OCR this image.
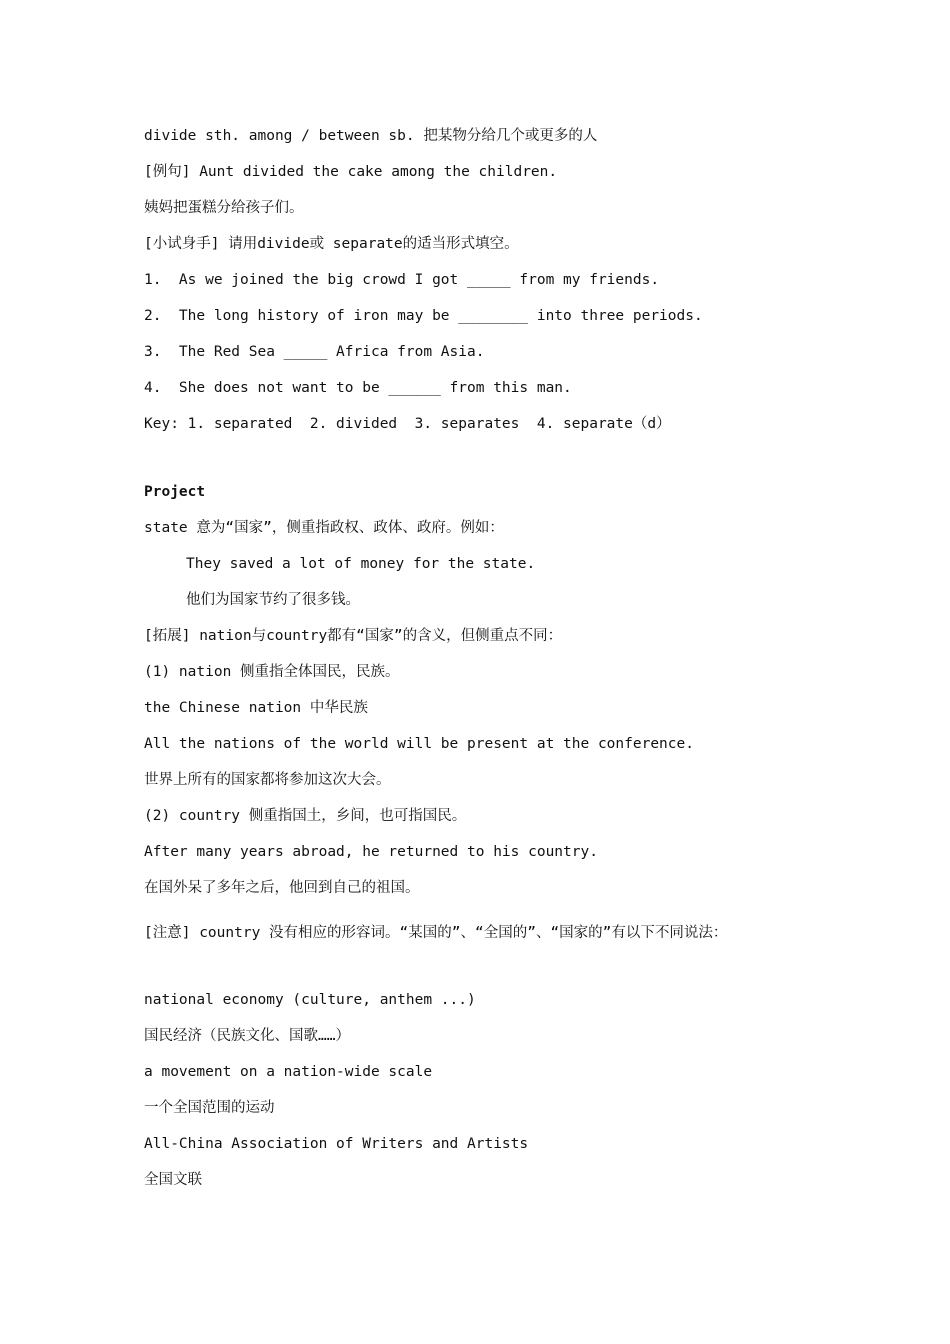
divide sth. among / between sb. 把某物分给几个或更多的人
[例句] Aunt divided the cake among the children.
姨妈把蛋糕分给孩子们。
[小试身手] 请用divide或 separate的适当形式填空。
1.  As we joined the big crowd I got _____ from my friends.
2.  The long history of iron may be ________ into three periods.
3.  The Red Sea _____ Africa from Asia.
4.  She does not want to be ______ from this man.
Key: 1. separated  2. divided  3. separates  4. separate（d）
Project
state 意为“国家”，侧重指政权、政体、政府。例如：
They saved a lot of money for the state.
他们为国家节约了很多钱。
[拓展] nation与country都有“国家”的含义，但侧重点不同：
(1) nation 侧重指全体国民，民族。
the Chinese nation 中华民族
All the nations of the world will be present at the conference.
世界上所有的国家都将参加这次大会。
(2) country 侧重指国土，乡间，也可指国民。
After many years abroad, he returned to his country.
在国外呆了多年之后，他回到自己的祖国。
[注意] country 没有相应的形容词。“某国的”、“全国的”、“国家的”有以下不同说法：
national economy (culture, anthem ...)
国民经济（民族文化、国歌……）
a movement on a nation-wide scale
一个全国范围的运动
All-China Association of Writers and Artists
全国文联
